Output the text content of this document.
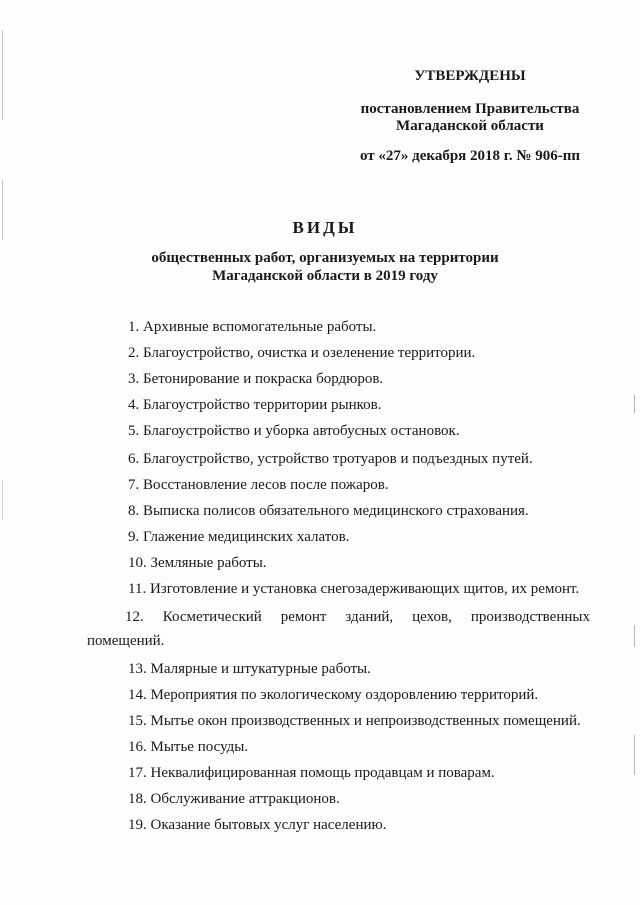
УТВЕРЖДЕНЫ
постановлением Правительства
Магаданской области
от «27» декабря 2018 г. № 906-пп
ВИДЫ
общественных работ, организуемых на территории
Магаданской области в 2019 году
1. Архивные вспомогательные работы.
2. Благоустройство, очистка и озеленение территории.
3. Бетонирование и покраска бордюров.
4. Благоустройство территории рынков.
5. Благоустройство и уборка автобусных остановок.
6. Благоустройство, устройство тротуаров и подъездных путей.
7. Восстановление лесов после пожаров.
8. Выписка полисов обязательного медицинского страхования.
9. Глажение медицинских халатов.
10. Земляные работы.
11. Изготовление и установка снегозадерживающих щитов, их ремонт.
12. Косметический ремонт зданий, цехов, производственных
помещений.
13. Малярные и штукатурные работы.
14. Мероприятия по экологическому оздоровлению территорий.
15. Мытье окон производственных и непроизводственных помещений.
16. Мытье посуды.
17. Неквалифицированная помощь продавцам и поварам.
18. Обслуживание аттракционов.
19. Оказание бытовых услуг населению.
